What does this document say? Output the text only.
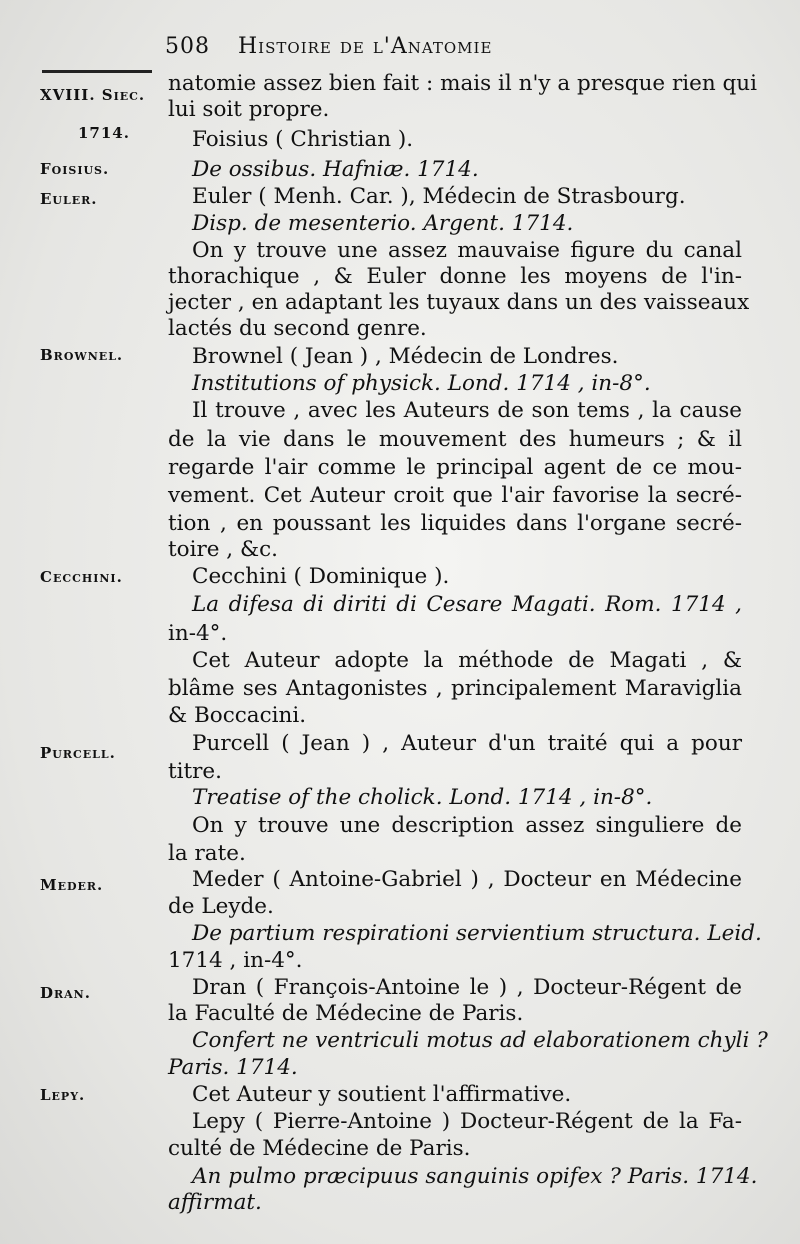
508 Histoire de l'Anatomie
XVIII. Siec.
1714.
Foisius.
Euler.
Brownel.
Cecchini.
Purcell.
Meder.
Dran.
Lepy.
natomie assez bien fait : mais il n'y a presque rien qui
lui soit propre.
Foisius ( Christian ).
De ossibus. Hafniæ. 1714.
Euler ( Menh. Car. ), Médecin de Strasbourg.
Disp. de mesenterio. Argent. 1714.
On y trouve une assez mauvaise figure du canal
thorachique , & Euler donne les moyens de l'in-
jecter , en adaptant les tuyaux dans un des vaisseaux
lactés du second genre.
Brownel ( Jean ) , Médecin de Londres.
Institutions of physick. Lond. 1714 , in-8°.
Il trouve , avec les Auteurs de son tems , la cause
de la vie dans le mouvement des humeurs ; & il
regarde l'air comme le principal agent de ce mou-
vement. Cet Auteur croit que l'air favorise la secré-
tion , en poussant les liquides dans l'organe secré-
toire , &c.
Cecchini ( Dominique ).
La difesa di diriti di Cesare Magati. Rom. 1714 ,
in-4°.
Cet Auteur adopte la méthode de Magati , &
blâme ses Antagonistes , principalement Maraviglia
& Boccacini.
Purcell ( Jean ) , Auteur d'un traité qui a pour
titre.
Treatise of the cholick. Lond. 1714 , in-8°.
On y trouve une description assez singuliere de
la rate.
Meder ( Antoine-Gabriel ) , Docteur en Médecine
de Leyde.
De partium respirationi servientium structura. Leid.
1714 , in-4°.
Dran ( François-Antoine le ) , Docteur-Régent de
la Faculté de Médecine de Paris.
Confert ne ventriculi motus ad elaborationem chyli ?
Paris. 1714.
Cet Auteur y soutient l'affirmative.
Lepy ( Pierre-Antoine ) Docteur-Régent de la Fa-
culté de Médecine de Paris.
An pulmo præcipuus sanguinis opifex ? Paris. 1714.
affirmat.
